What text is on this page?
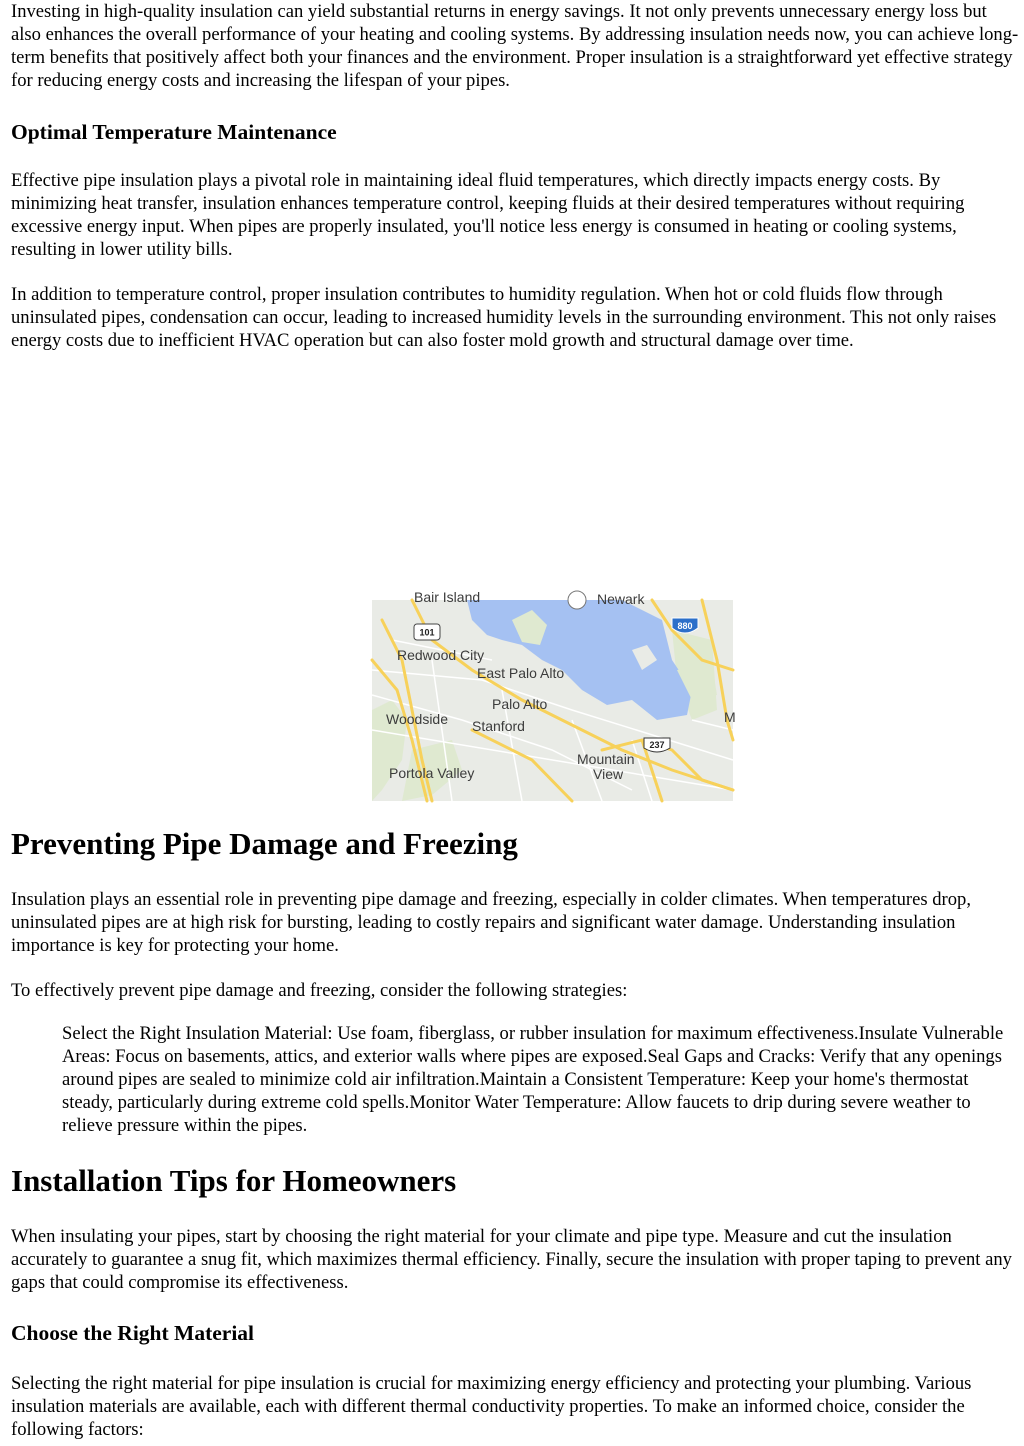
Investing in high-quality insulation can yield substantial returns in energy savings. It not only prevents unnecessary energy loss but also enhances the overall performance of your heating and cooling systems. By addressing insulation needs now, you can achieve long-term benefits that positively affect both your finances and the environment. Proper insulation is a straightforward yet effective strategy for reducing energy costs and increasing the lifespan of your pipes.

Optimal Temperature Maintenance

Effective pipe insulation plays a pivotal role in maintaining ideal fluid temperatures, which directly impacts energy costs. By minimizing heat transfer, insulation enhances temperature control, keeping fluids at their desired temperatures without requiring excessive energy input. When pipes are properly insulated, you'll notice less energy is consumed in heating or cooling systems, resulting in lower utility bills.

In addition to temperature control, proper insulation contributes to humidity regulation. When hot or cold fluids flow through uninsulated pipes, condensation can occur, leading to increased humidity levels in the surrounding environment. This not only raises energy costs due to inefficient HVAC operation but can also foster mold growth and structural damage over time.

Preventing Pipe Damage and Freezing

Insulation plays an essential role in preventing pipe damage and freezing, especially in colder climates. When temperatures drop, uninsulated pipes are at high risk for bursting, leading to costly repairs and significant water damage. Understanding insulation importance is key for protecting your home.

To effectively prevent pipe damage and freezing, consider the following strategies:

Select the Right Insulation Material: Use foam, fiberglass, or rubber insulation for maximum effectiveness.Insulate Vulnerable Areas: Focus on basements, attics, and exterior walls where pipes are exposed.Seal Gaps and Cracks: Verify that any openings around pipes are sealed to minimize cold air infiltration.Maintain a Consistent Temperature: Keep your home's thermostat steady, particularly during extreme cold spells.Monitor Water Temperature: Allow faucets to drip during severe weather to relieve pressure within the pipes.
Installation Tips for Homeowners

When insulating your pipes, start by choosing the right material for your climate and pipe type. Measure and cut the insulation accurately to guarantee a snug fit, which maximizes thermal efficiency. Finally, secure the insulation with proper taping to prevent any gaps that could compromise its effectiveness.

Choose the Right Material

Selecting the right material for pipe insulation is crucial for maximizing energy efficiency and protecting your plumbing. Various insulation materials are available, each with different thermal conductivity properties. To make an informed choice, consider the following factors:

101
880
237
Bair Island	Newark
Redwood City
East Palo Alto
Palo Alto
Woodside Stanford
Mountain
View
Portola Valley
M
